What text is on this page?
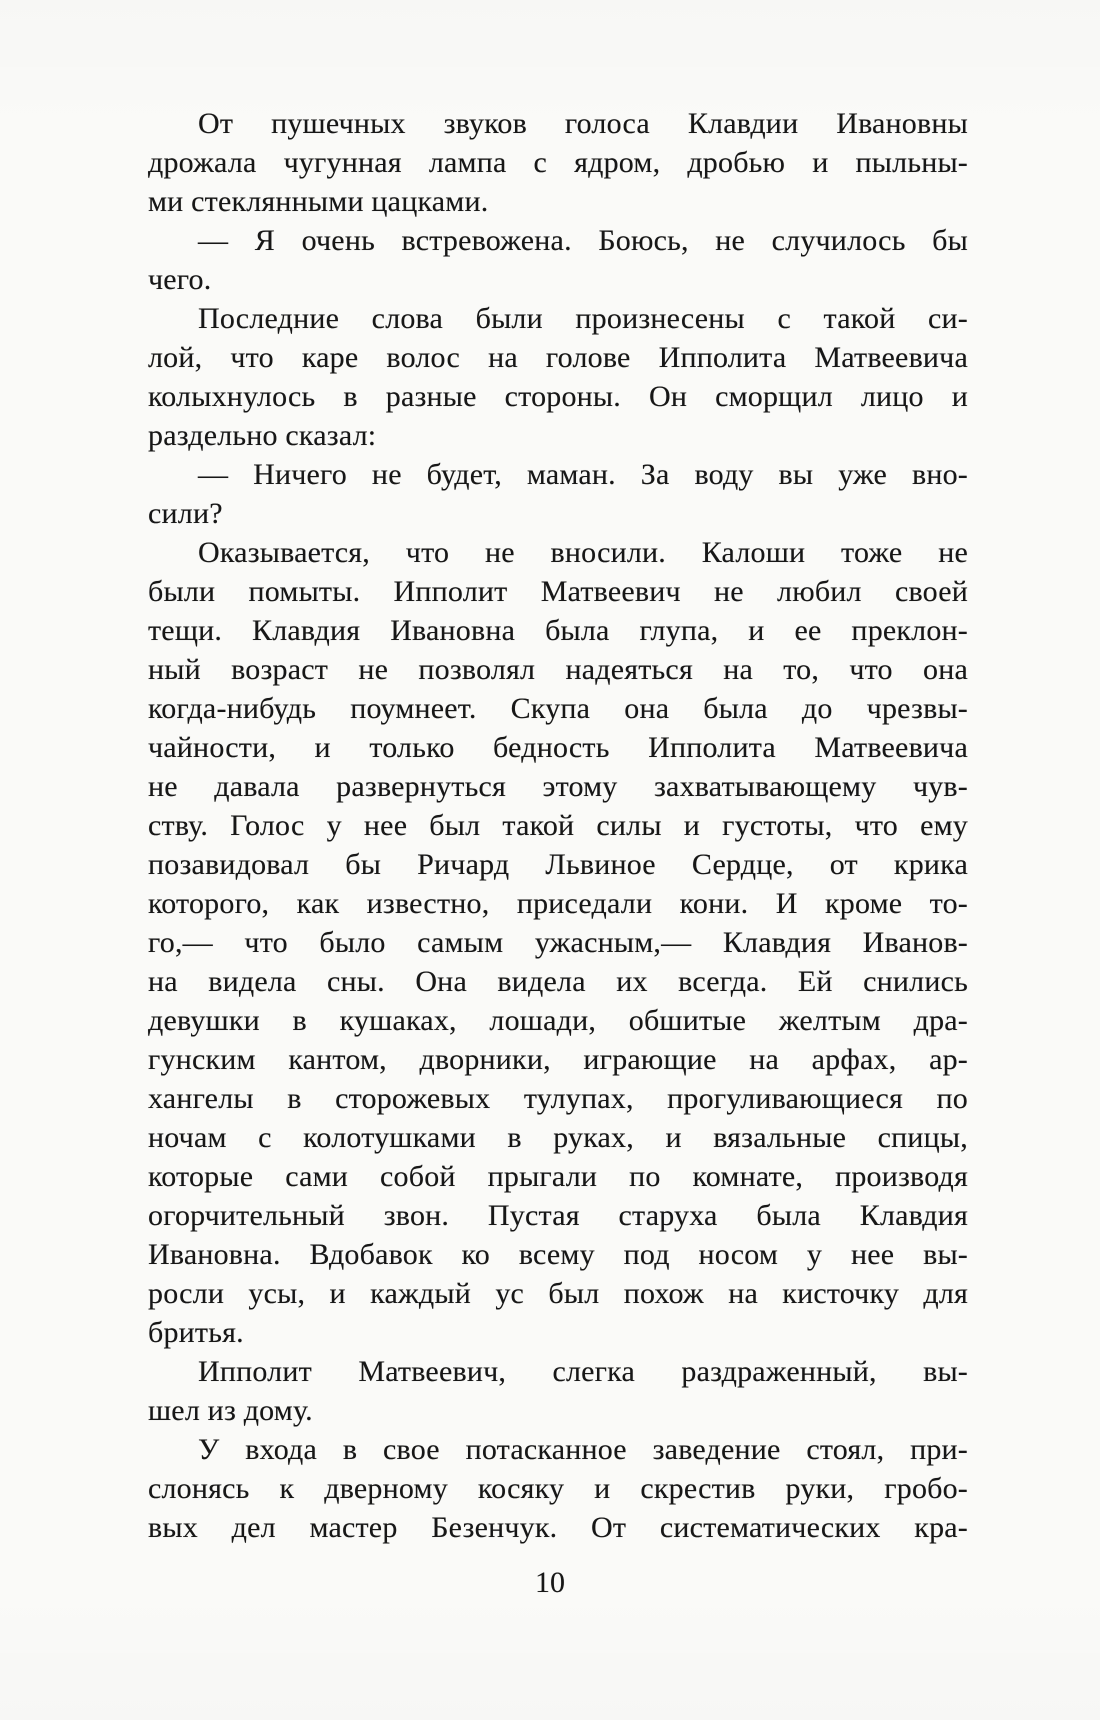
От пушечных звуков голоса Клавдии Ивановны
дрожала чугунная лампа с ядром, дробью и пыльны-
ми стеклянными цацками.
— Я очень встревожена. Боюсь, не случилось бы
чего.
Последние слова были произнесены с такой си-
лой, что каре волос на голове Ипполита Матвеевича
колыхнулось в разные стороны. Он сморщил лицо и
раздельно сказал:
— Ничего не будет, маман. За воду вы уже вно-
сили?
Оказывается, что не вносили. Калоши тоже не
были помыты. Ипполит Матвеевич не любил своей
тещи. Клавдия Ивановна была глупа, и ее преклон-
ный возраст не позволял надеяться на то, что она
когда-нибудь поумнеет. Скупа она была до чрезвы-
чайности, и только бедность Ипполита Матвеевича
не давала развернуться этому захватывающему чув-
ству. Голос у нее был такой силы и густоты, что ему
позавидовал бы Ричард Львиное Сердце, от крика
которого, как известно, приседали кони. И кроме то-
го,— что было самым ужасным,— Клавдия Иванов-
на видела сны. Она видела их всегда. Ей снились
девушки в кушаках, лошади, обшитые желтым дра-
гунским кантом, дворники, играющие на арфах, ар-
хангелы в сторожевых тулупах, прогуливающиеся по
ночам с колотушками в руках, и вязальные спицы,
которые сами собой прыгали по комнате, производя
огорчительный звон. Пустая старуха была Клавдия
Ивановна. Вдобавок ко всему под носом у нее вы-
росли усы, и каждый ус был похож на кисточку для
бритья.
Ипполит Матвеевич, слегка раздраженный, вы-
шел из дому.
У входа в свое потасканное заведение стоял, при-
слонясь к дверному косяку и скрестив руки, гробо-
вых дел мастер Безенчук. От систематических кра-
10
